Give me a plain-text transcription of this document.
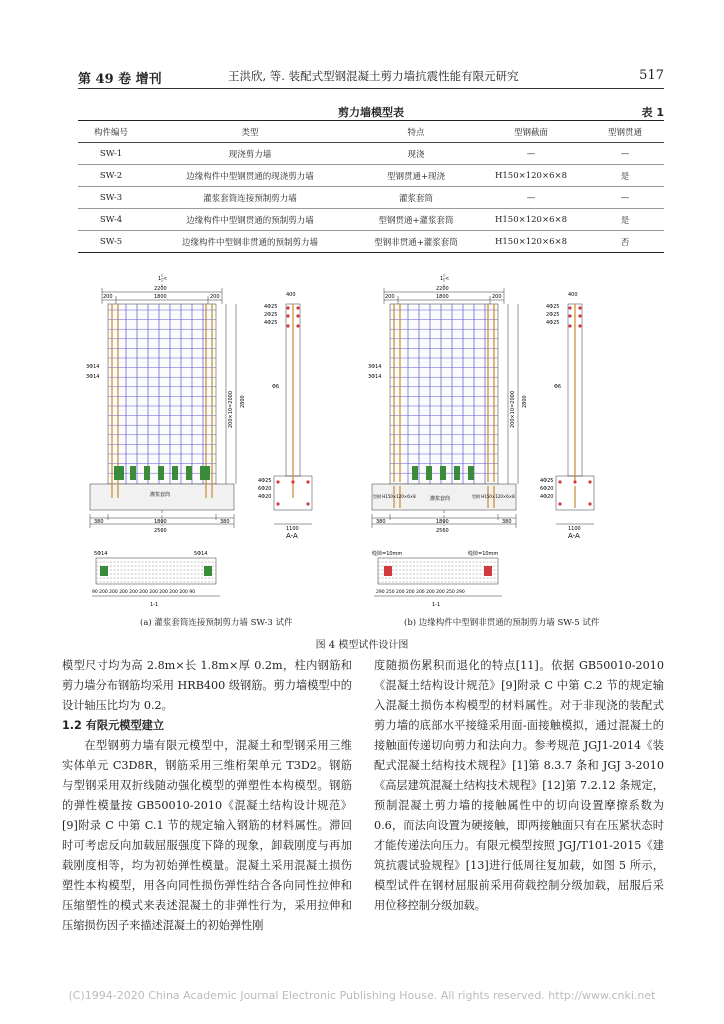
第 49 卷 增刊	王洪欣, 等. 装配式型钢混凝土剪力墙抗震性能有限元研究	517
剪力墙模型表	表 1
构件编号	类型	特点	型钢截面	型钢贯通
SW-1	现浇剪力墙	现浇	—	—
SW-2	边缘构件中型钢贯通的现浇剪力墙	型钢贯通+现浇	H150×120×6×8	是
SW-3	灌浆套筒连接预制剪力墙	灌浆套筒	—	—
SW-4	边缘构件中型钢贯通的预制剪力墙	型钢贯通+灌浆套筒	H150×120×6×8	是
SW-5	边缘构件中型钢非贯通的预制剪力墙	型钢非贯通+灌浆套筒	H150×120×6×8	否
1-<
2200
200	1800	200
3Φ14
3Φ14
200×10=2000 2800
灌浆套筒
380	1800	380
2560
400
1100
4Φ25
2Φ25
4Φ25
Φ6
4Φ25
6Φ20
4Φ20
A-A
5Φ14	5Φ14
90 200 200 200 200 200 200 200 200 200 90
1-1
1-<
2200
200	1800	200
3Φ14
3Φ14
200×10=2000 2800
型钢 H150×120×6×8	灌浆套筒	型钢 H150×120×6×8
380	1800	380
2560
400
1100
4Φ25
2Φ25
4Φ25
Φ6
4Φ25
6Φ20
4Φ20
A-A
缝隙=10mm	缝隙=10mm
290 250 200 200 200 200 200 250 290
1-1
(a) 灌浆套筒连接预制剪力墙 SW-3 试件	(b) 边缘构件中型钢非贯通的预制剪力墙 SW-5 试件
图 4 模型试件设计图

模型尺寸均为高 2.8m×长 1.8m×厚 0.2m，柱内钢筋和剪力墙分布钢筋均采用 HRB400 级钢筋。剪力墙模型中的设计轴压比均为 0.2。

1.2 有限元模型建立

在型钢剪力墙有限元模型中，混凝土和型钢采用三维实体单元 C3D8R，钢筋采用三维桁架单元 T3D2。钢筋与型钢采用双折线随动强化模型的弹塑性本构模型。钢筋的弹性模量按 GB50010-2010《混凝土结构设计规范》[9]附录 C 中第 C.1 节的规定输入钢筋的材料属性。滞回时可考虑反向加载屈服强度下降的现象，卸载刚度与再加载刚度相等，均为初始弹性模量。混凝土采用混凝土损伤塑性本构模型，用各向同性损伤弹性结合各向同性拉伸和压缩塑性的模式来表述混凝土的非弹性行为，采用拉伸和压缩损伤因子来描述混凝土的初始弹性刚

度随损伤累积而退化的特点[11]。依据 GB50010-2010《混凝土结构设计规范》[9]附录 C 中第 C.2 节的规定输入混凝土损伤本构模型的材料属性。对于非现浇的装配式剪力墙的底部水平接缝采用面-面接触模拟，通过混凝土的接触面传递切向剪力和法向力。参考规范 JGJ1-2014《装配式混凝土结构技术规程》[1]第 8.3.7 条和 JGJ 3-2010《高层建筑混凝土结构技术规程》[12]第 7.2.12 条规定，预制混凝土剪力墙的接触属性中的切向设置摩擦系数为 0.6，而法向设置为硬接触，即两接触面只有在压紧状态时才能传递法向压力。有限元模型按照 JGJ/T101-2015《建筑抗震试验规程》[13]进行低周往复加载，如图 5 所示，模型试件在钢材屈服前采用荷载控制分级加载，屈服后采用位移控制分级加载。

(C)1994-2020 China Academic Journal Electronic Publishing House. All rights reserved. http://www.cnki.net
